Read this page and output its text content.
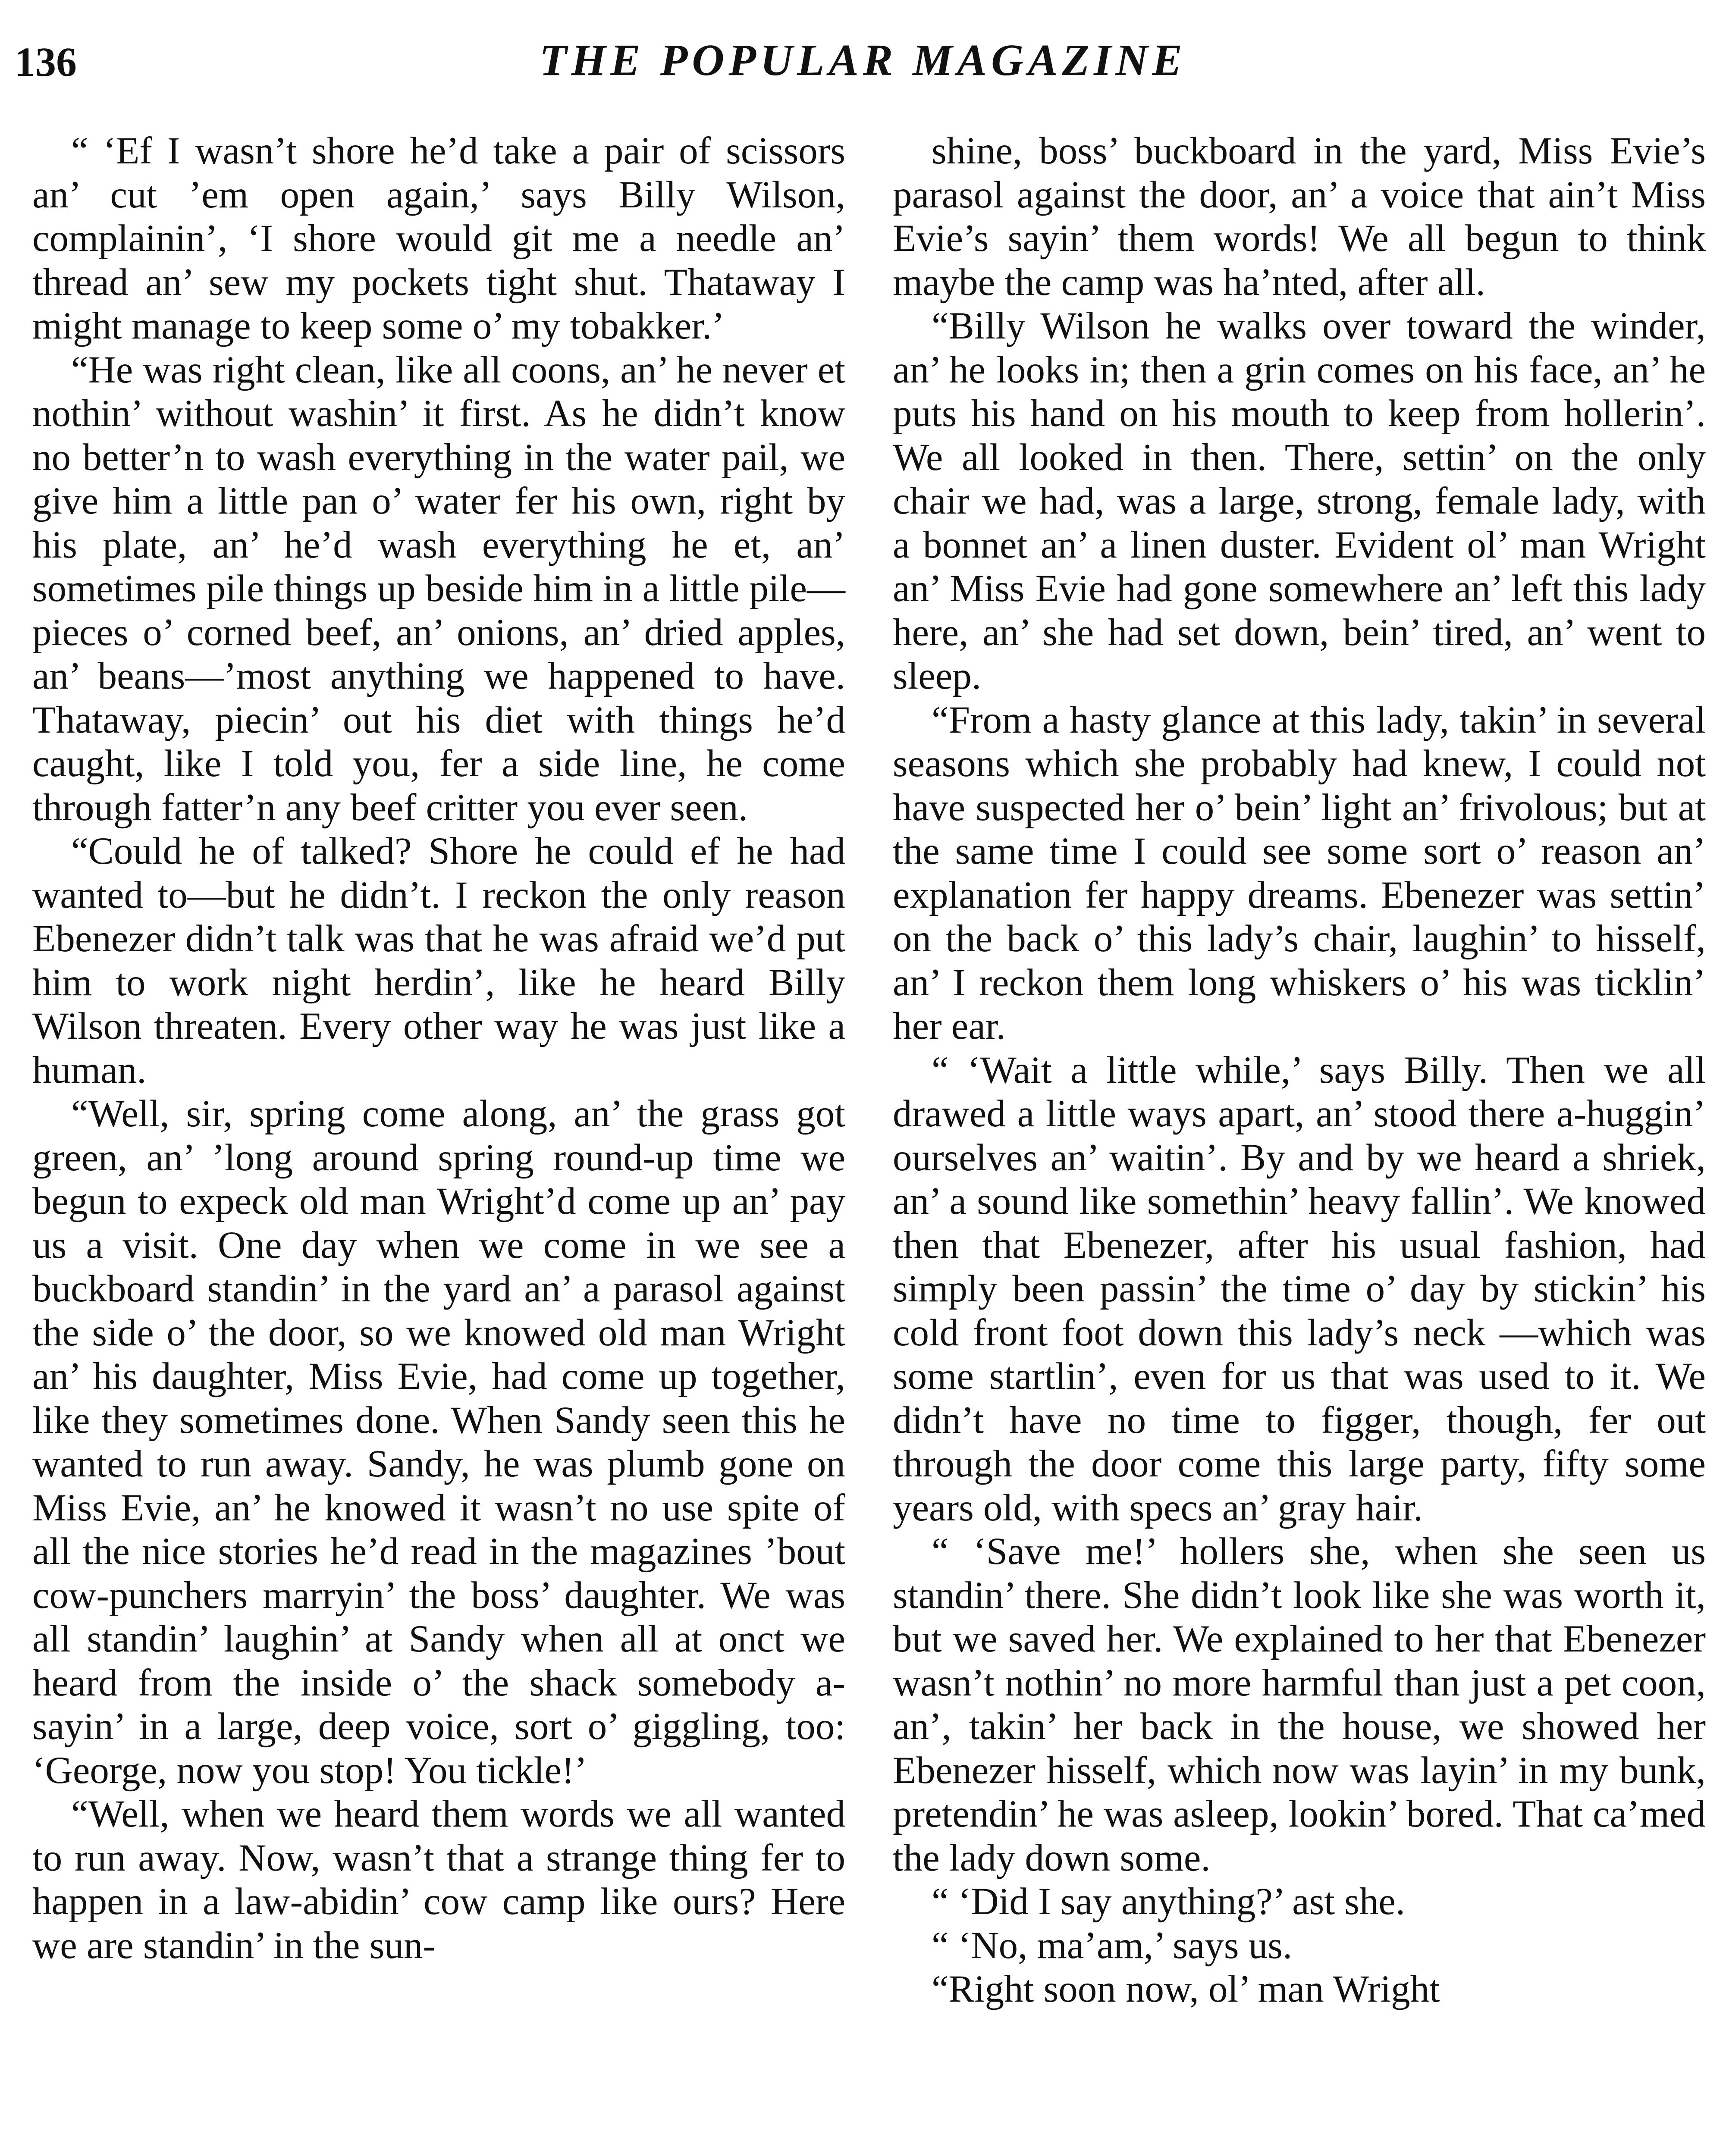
136	THE POPULAR MAGAZINE

“ ‘Ef I wasn’t shore he’d take a pair of scissors an’ cut ’em open again,’ says Billy Wilson, complainin’, ‘I shore would git me a needle an’ thread an’ sew my pockets tight shut. Thataway I might manage to keep some o’ my tobakker.’

“He was right clean, like all coons, an’ he never et nothin’ without washin’ it first. As he didn’t know no better’n to wash everything in the water pail, we give him a little pan o’ water fer his own, right by his plate, an’ he’d wash everything he et, an’ sometimes pile things up beside him in a little pile—pieces o’ corned beef, an’ onions, an’ dried apples, an’ beans—’most anything we happened to have. Thataway, piecin’ out his diet with things he’d caught, like I told you, fer a side line, he come through fatter’n any beef critter you ever seen.

“Could he of talked? Shore he could ef he had wanted to—but he didn’t. I reckon the only reason Ebenezer didn’t talk was that he was afraid we’d put him to work night herdin’, like he heard Billy Wilson threaten. Every other way he was just like a human.

“Well, sir, spring come along, an’ the grass got green, an’ ’long around spring round-up time we begun to expeck old man Wright’d come up an’ pay us a visit. One day when we come in we see a buckboard standin’ in the yard an’ a parasol against the side o’ the door, so we knowed old man Wright an’ his daughter, Miss Evie, had come up together, like they sometimes done. When Sandy seen this he wanted to run away. Sandy, he was plumb gone on Miss Evie, an’ he knowed it wasn’t no use spite of all the nice stories he’d read in the magazines ’bout cow-punchers marryin’ the boss’ daughter. We was all standin’ laughin’ at Sandy when all at onct we heard from the inside o’ the shack somebody a-sayin’ in a large, deep voice, sort o’ giggling, too: ‘George, now you stop! You tickle!’

“Well, when we heard them words we all wanted to run away. Now, wasn’t that a strange thing fer to happen in a law-abidin’ cow camp like ours? Here we are standin’ in the sun-

shine, boss’ buckboard in the yard, Miss Evie’s parasol against the door, an’ a voice that ain’t Miss Evie’s sayin’ them words! We all begun to think maybe the camp was ha’nted, after all.

“Billy Wilson he walks over toward the winder, an’ he looks in; then a grin comes on his face, an’ he puts his hand on his mouth to keep from hollerin’. We all looked in then. There, settin’ on the only chair we had, was a large, strong, female lady, with a bonnet an’ a linen duster. Evident ol’ man Wright an’ Miss Evie had gone somewhere an’ left this lady here, an’ she had set down, bein’ tired, an’ went to sleep.

“From a hasty glance at this lady, takin’ in several seasons which she probably had knew, I could not have suspected her o’ bein’ light an’ frivolous; but at the same time I could see some sort o’ reason an’ explanation fer happy dreams. Ebenezer was settin’ on the back o’ this lady’s chair, laughin’ to hisself, an’ I reckon them long whiskers o’ his was ticklin’ her ear.

“ ‘Wait a little while,’ says Billy. Then we all drawed a little ways apart, an’ stood there a-huggin’ ourselves an’ waitin’. By and by we heard a shriek, an’ a sound like somethin’ heavy fallin’. We knowed then that Ebenezer, after his usual fashion, had simply been passin’ the time o’ day by stickin’ his cold front foot down this lady’s neck —which was some startlin’, even for us that was used to it. We didn’t have no time to figger, though, fer out through the door come this large party, fifty some years old, with specs an’ gray hair.

“ ‘Save me!’ hollers she, when she seen us standin’ there. She didn’t look like she was worth it, but we saved her. We explained to her that Ebenezer wasn’t nothin’ no more harmful than just a pet coon, an’, takin’ her back in the house, we showed her Ebenezer hisself, which now was layin’ in my bunk, pretendin’ he was asleep, lookin’ bored. That ca’med the lady down some.

“ ‘Did I say anything?’ ast she.

“ ‘No, ma’am,’ says us.

“Right soon now, ol’ man Wright
